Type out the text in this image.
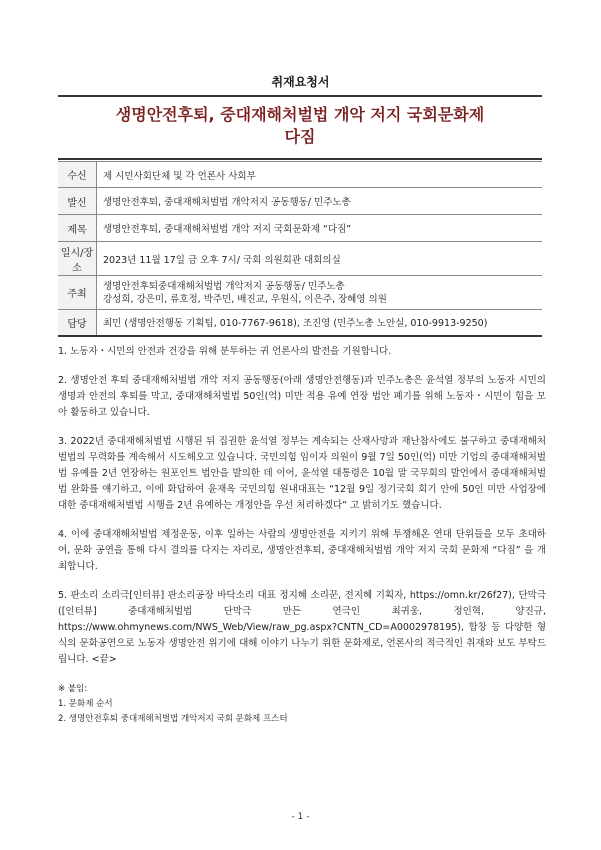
취재요청서
생명안전후퇴, 중대재해처벌법 개악 저지 국회문화제
다짐
수신	제 시민사회단체 및 각 언론사 사회부
발신	생명안전후퇴, 중대재해처벌법 개악저지 공동행동/ 민주노총
제목	생명안전후퇴, 중대재해처벌법 개악 저지 국회문화제 “다짐”
일시/장소	2023년 11월 17일 금 오후 7시/ 국회 의원회관 대회의실
주최	생명안전후퇴중대재해처벌법 개악저지 공동행동/ 민주노총
강성희, 강은미, 류호정, 박주민, 배진교, 우원식, 이은주, 장혜영 의원

담당	최민 (생명안전행동 기획팀, 010-7767-9618), 조진영 (민주노총 노안실, 010-9913-9250)

1. 노동자・시민의 안전과 건강을 위해 분투하는 귀 언론사의 발전을 기원합니다.

2. 생명안전 후퇴 중대재해처벌법 개악 저지 공동행동(아래 생명안전행동)과 민주노총은 윤석열 정부의 노동자 시민의 생명과 안전의 후퇴를 막고, 중대재해처벌법 50인(억) 미만 적용 유예 연장 법안 폐기를 위해 노동자・시민이 힘을 모아 활동하고 있습니다.

3. 2022년 중대재해처벌법 시행된 뒤 집권한 윤석열 정부는 계속되는 산재사망과 재난참사에도 불구하고 중대재해처벌법의 무력화를 계속해서 시도해오고 있습니다. 국민의힘 임이자 의원이 9월 7일 50인(억) 미만 기업의 중대재해처벌법 유예를 2년 연장하는 원포인트 법안을 발의한 데 이어, 윤석열 대통령은 10월 말 국무회의 발언에서 중대재해처벌법 완화를 얘기하고, 이에 화답하여 윤재옥 국민의힘 원내대표는 “12월 9일 정기국회 회기 안에 50인 미만 사업장에 대한 중대재해처벌법 시행을 2년 유예하는 개정안을 우선 처리하겠다” 고 밝히기도 했습니다.

4. 이에 중대재해처벌법 제정운동, 이후 일하는 사람의 생명안전을 지키기 위해 투쟁해온 연대 단위들을 모두 초대하여, 문화 공연을 통해 다시 결의를 다지는 자리로, 생명안전후퇴, 중대재해처벌법 개악 저지 국회 문화제 “다짐” 을 개최합니다.

5. 판소리 소리극[인터뷰] 판소리공장 바닥소리 대표 정지혜 소리꾼, 전지혜 기획자, https://omn.kr/26f27), 단막극([인터뷰] 중대재해처벌법 단막극 만든 연극인 최귀웅, 정인혁, 양진규, https://www.ohmynews.com/NWS_Web/View/raw_pg.aspx?CNTN_CD=A0002978195), 합창 등 다양한 형식의 문화공연으로 노동자 생명안전 위기에 대해 이야기 나누기 위한 문화제로, 언론사의 적극적인 취재와 보도 부탁드립니다. <끝>

※ 붙임:
1. 문화제 순서
2. 생명안전후퇴 중대재해처벌법 개악저지 국회 문화제 프스터
- 1 -
